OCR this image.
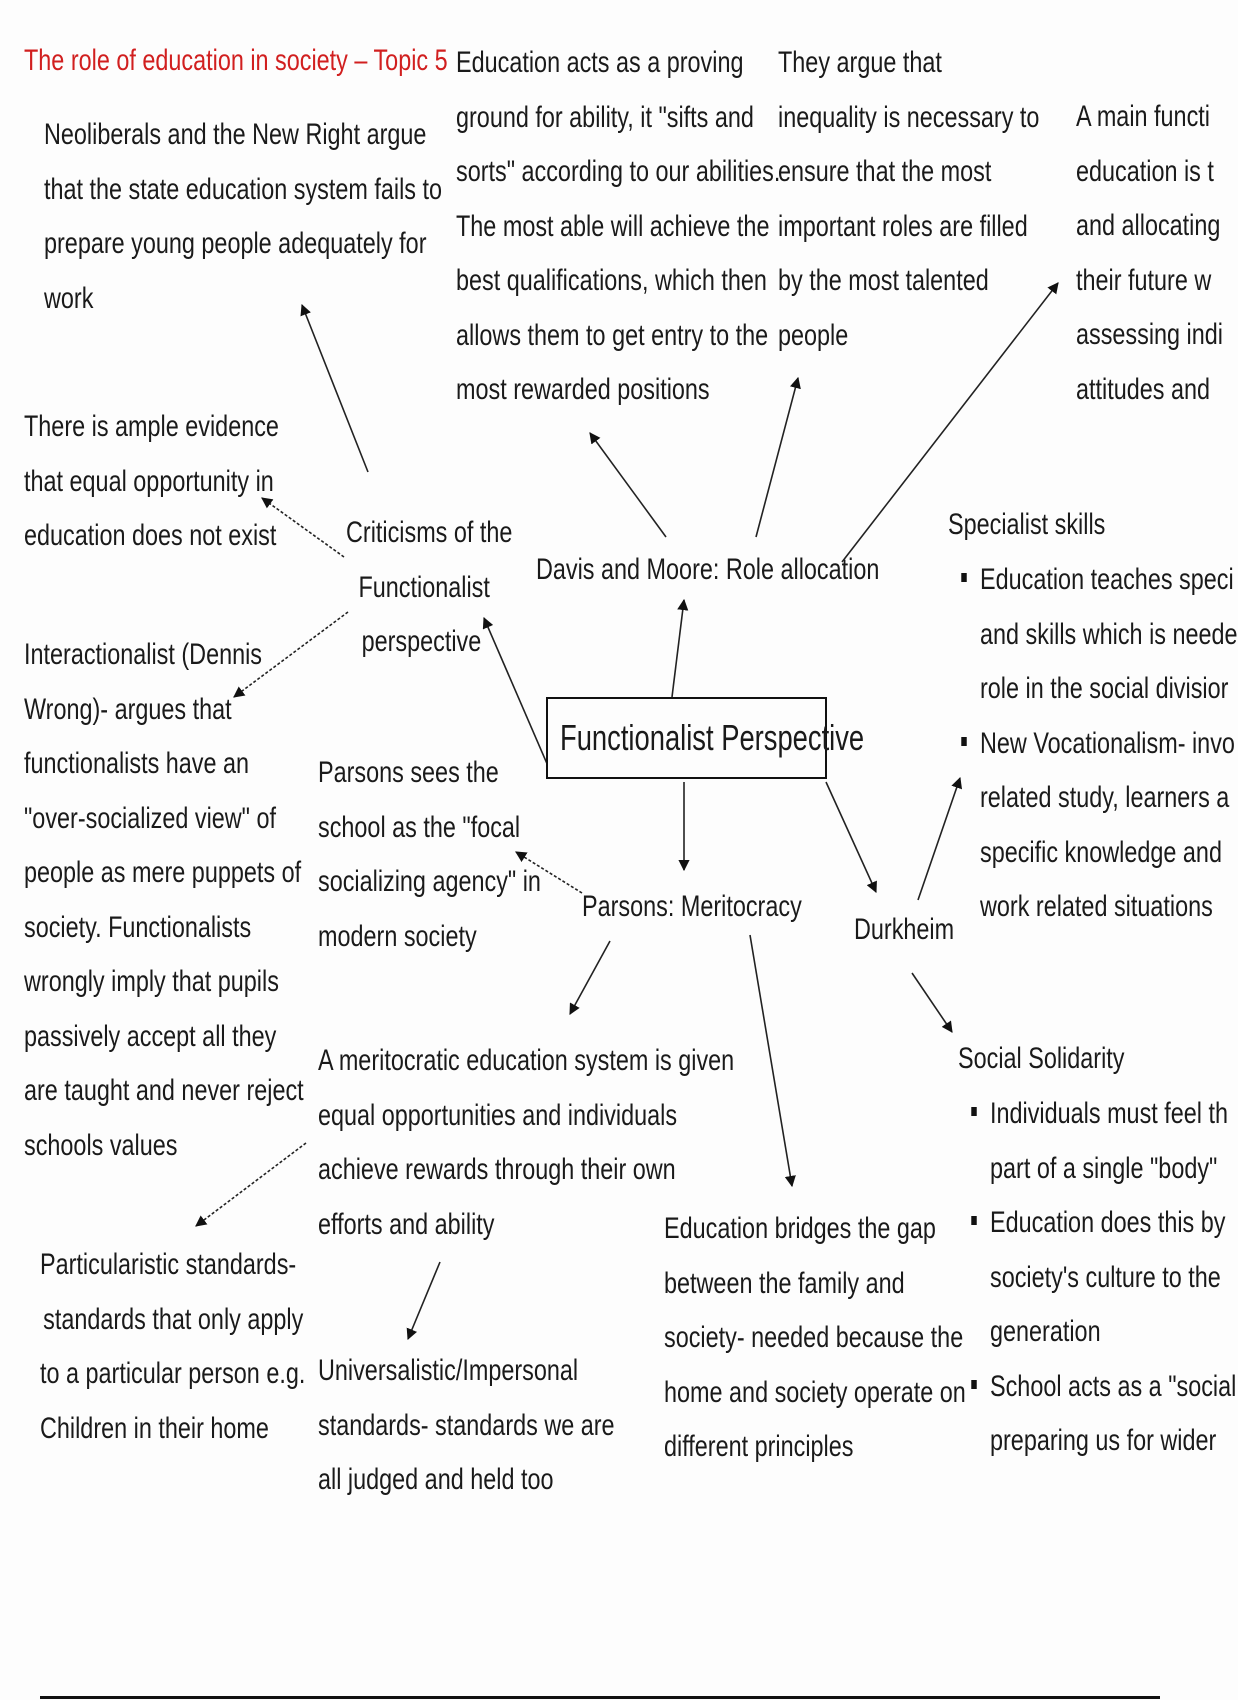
The role of education in society – Topic 5
Functionalist Perspective
Criticisms of the
Functionalist
perspective
Davis and Moore: Role allocation
Parsons: Meritocracy
Durkheim
Neoliberals and the New Right argue
that the state education system fails to
prepare young people adequately for
work
There is ample evidence
that equal opportunity in
education does not exist
Interactionalist (Dennis
Wrong)- argues that
functionalists have an
"over-socialized view" of
people as mere puppets of
society. Functionalists
wrongly imply that pupils
passively accept all they
are taught and never reject
schools values
Education acts as a proving
ground for ability, it "sifts and
sorts" according to our abilities.
The most able will achieve the
best qualifications, which then
allows them to get entry to the
most rewarded positions
They argue that
inequality is necessary to
ensure that the most
important roles are filled
by the most talented
people
A main functi
education is t
and allocating
their future w
assessing indi
attitudes and
Parsons sees the
school as the "focal
socializing agency" in
modern society
A meritocratic education system is given
equal opportunities and individuals
achieve rewards through their own
efforts and ability
Particularistic standards-
standards that only apply
to a particular person e.g.
Children in their home
Universalistic/Impersonal
standards- standards we are
all judged and held too
Education bridges the gap
between the family and
society- needed because the
home and society operate on
different principles
Specialist skills
Education teaches speci
and skills which is neede
role in the social divisior
New Vocationalism- invo
related study, learners a
specific knowledge and
work related situations
Social Solidarity
Individuals must feel th
part of a single "body"
Education does this by
society's culture to the
generation
School acts as a "social
preparing us for wider
